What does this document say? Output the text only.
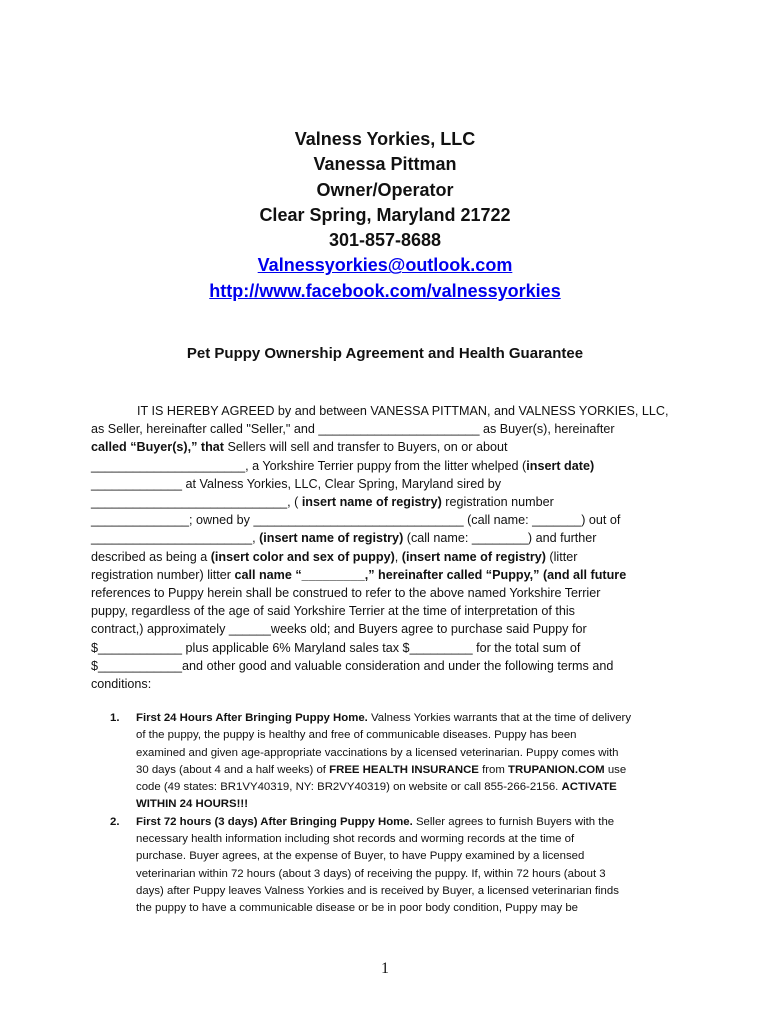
Valness Yorkies, LLC
Vanessa Pittman
Owner/Operator
Clear Spring, Maryland 21722
301-857-8688
Valnessyorkies@outlook.com
http://www.facebook.com/valnessyorkies
Pet Puppy Ownership Agreement and Health Guarantee
IT IS HEREBY AGREED by and between VANESSA PITTMAN, and VALNESS YORKIES, LLC,
as Seller, hereinafter called "Seller," and _______________________ as Buyer(s), hereinafter
called “Buyer(s),” that Sellers will sell and transfer to Buyers, on or about
______________________, a Yorkshire Terrier puppy from the litter whelped (insert date)
_____________ at Valness Yorkies, LLC, Clear Spring, Maryland sired by
____________________________, ( insert name of registry) registration number
______________; owned by ______________________________ (call name: _______) out of
_______________________, (insert name of registry) (call name: ________) and further
described as being a (insert color and sex of puppy), (insert name of registry) (litter
registration number) litter call name “_________,” hereinafter called “Puppy,” (and all future
references to Puppy herein shall be construed to refer to the above named Yorkshire Terrier
puppy, regardless of the age of said Yorkshire Terrier at the time of interpretation of this
contract,) approximately ______weeks old; and Buyers agree to purchase said Puppy for
$____________ plus applicable 6% Maryland sales tax $_________ for the total sum of
$____________and other good and valuable consideration and under the following terms and
conditions:
1. First 24 Hours After Bringing Puppy Home. Valness Yorkies warrants that at the time of delivery
of the puppy, the puppy is healthy and free of communicable diseases. Puppy has been
examined and given age-appropriate vaccinations by a licensed veterinarian. Puppy comes with
30 days (about 4 and a half weeks) of FREE HEALTH INSURANCE from TRUPANION.COM use
code (49 states: BR1VY40319, NY: BR2VY40319) on website or call 855-266-2156. ACTIVATE
WITHIN 24 HOURS!!!
2. First 72 hours (3 days) After Bringing Puppy Home. Seller agrees to furnish Buyers with the
necessary health information including shot records and worming records at the time of
purchase. Buyer agrees, at the expense of Buyer, to have Puppy examined by a licensed
veterinarian within 72 hours (about 3 days) of receiving the puppy. If, within 72 hours (about 3
days) after Puppy leaves Valness Yorkies and is received by Buyer, a licensed veterinarian finds
the puppy to have a communicable disease or be in poor body condition, Puppy may be
1
